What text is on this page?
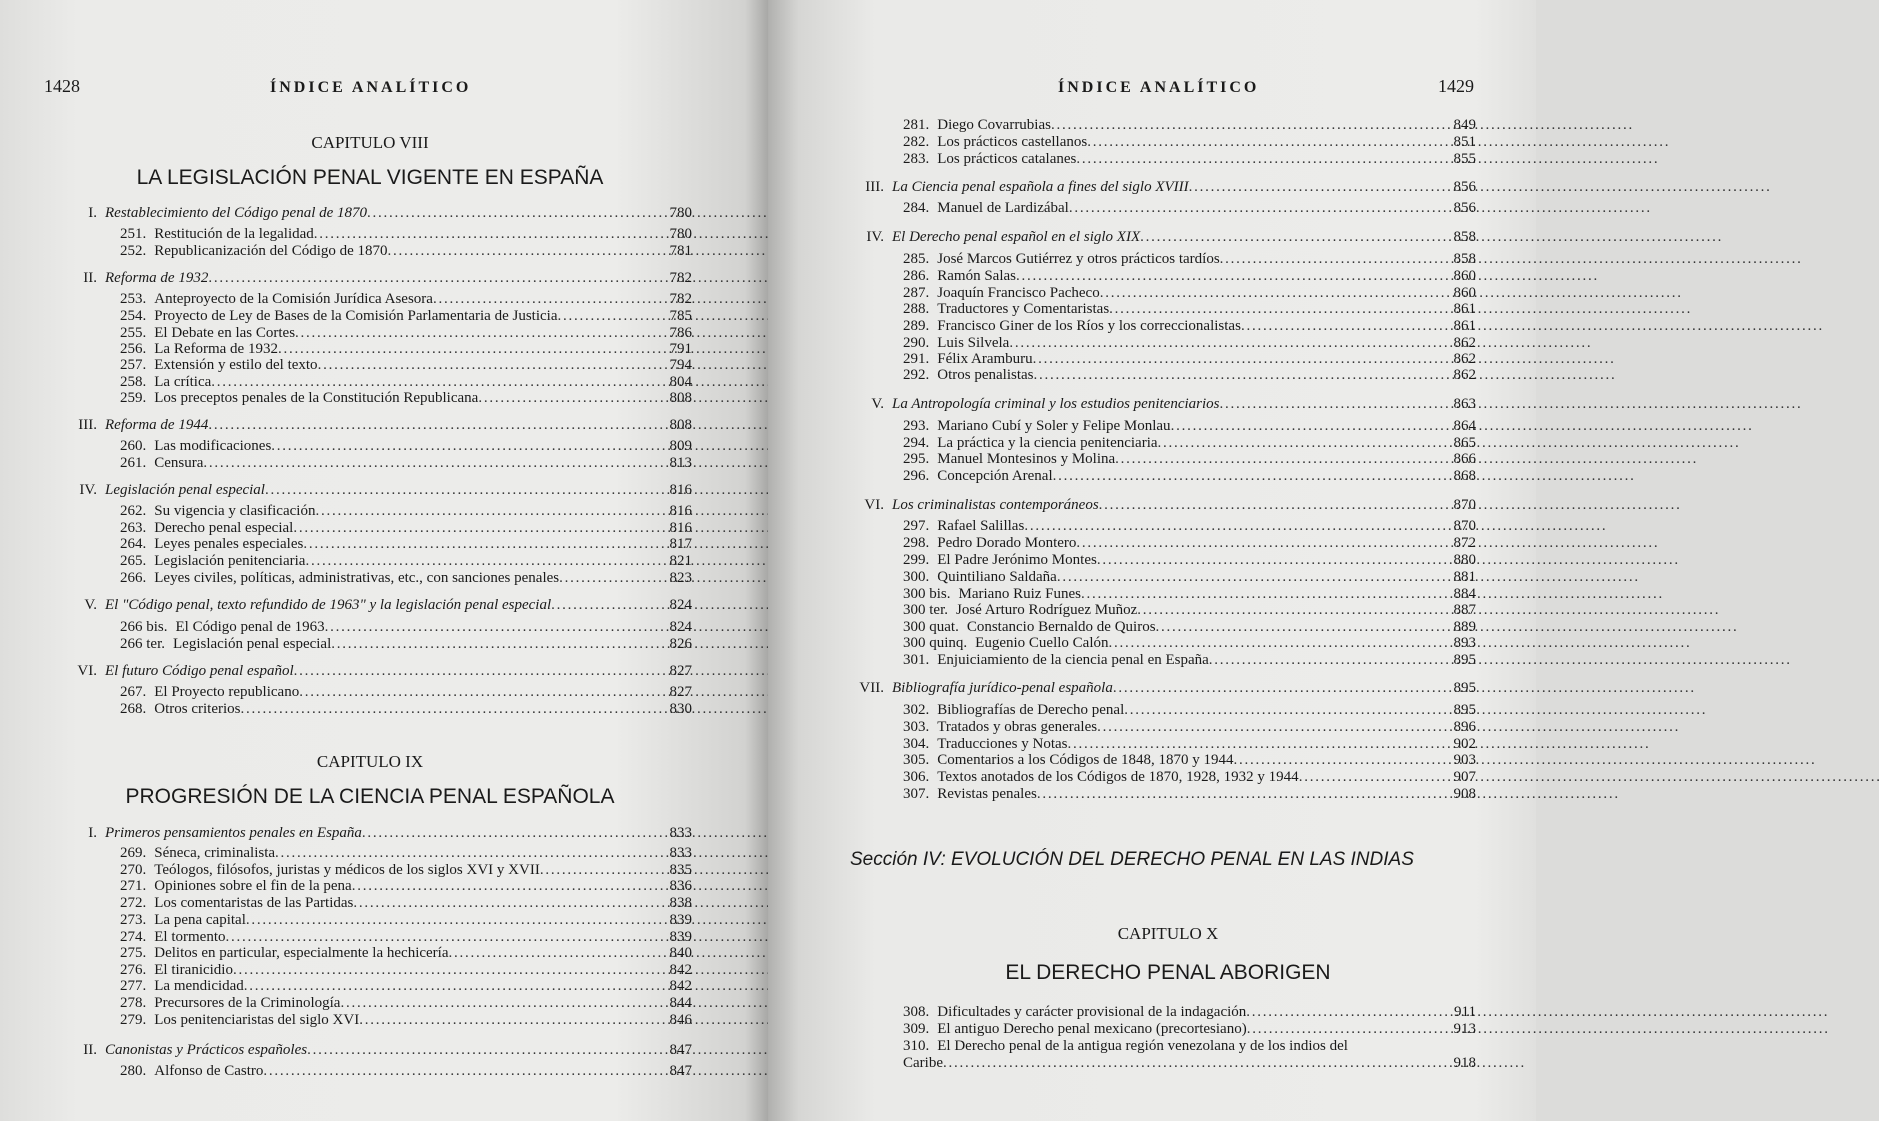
1428	ÍNDICE ANALÍTICO
CAPITULO VIII
LA LEGISLACIÓN PENAL VIGENTE EN ESPAÑA
CAPITULO IX
PROGRESIÓN DE LA CIENCIA PENAL ESPAÑOLA
I. Restablecimiento del Código penal de 1870 . . .	780
251. Restitución de la legalidad . . .	780
252. Republicanización del Código de 1870 . . .	781
II. Reforma de 1932 . . .	782
253. Anteproyecto de la Comisión Jurídica Asesora . . .	782
254. Proyecto de Ley de Bases de la Comisión Parlamentaria de Justicia . . .	785
255. El Debate en las Cortes . . .	786
256. La Reforma de 1932 . . .	791
257. Extensión y estilo del texto . . .	794
258. La crítica . . .	804
259. Los preceptos penales de la Constitución Republicana . . .	808
III. Reforma de 1944 . . .	808
260. Las modificaciones . . .	809
261. Censura . . .	813
IV. Legislación penal especial . . .	816
262. Su vigencia y clasificación . . .	816
263. Derecho penal especial . . .	816
264. Leyes penales especiales . . .	817
265. Legislación penitenciaria . . .	821
266. Leyes civiles, políticas, administrativas, etc., con sanciones penales . . .	823
V. El "Código penal, texto refundido de 1963" y la legislación penal especial . . .	824
266 bis. El Código penal de 1963 . . .	824
266 ter. Legislación penal especial . . .	826
VI. El futuro Código penal español . . .	827
267. El Proyecto republicano . . .	827
268. Otros criterios . . .	830
I. Primeros pensamientos penales en España . . .	833
269. Séneca, criminalista . . .	833
270. Teólogos, filósofos, juristas y médicos de los siglos XVI y XVII . . .	835
271. Opiniones sobre el fin de la pena . . .	836
272. Los comentaristas de las Partidas . . .	838
273. La pena capital . . .	839
274. El tormento . . .	839
275. Delitos en particular, especialmente la hechicería . . .	840
276. El tiranicidio . . .	842
277. La mendicidad . . .	842
278. Precursores de la Criminología . . .	844
279. Los penitenciaristas del siglo XVI . . .	846
II. Canonistas y Prácticos españoles . . .	847
280. Alfonso de Castro . . .	847
ÍNDICE ANALÍTICO	1429
Sección IV: EVOLUCIÓN DEL DERECHO PENAL EN LAS INDIAS
CAPITULO X
EL DERECHO PENAL ABORIGEN
281. Diego Covarrubias . . .	849
282. Los prácticos castellanos . . .	851
283. Los prácticos catalanes . . .	855
III. La Ciencia penal española a fines del siglo XVIII . . .	856
284. Manuel de Lardizábal . . .	856
IV. El Derecho penal español en el siglo XIX . . .	858
285. José Marcos Gutiérrez y otros prácticos tardíos . . .	858
286. Ramón Salas . . .	860
287. Joaquín Francisco Pacheco . . .	860
288. Traductores y Comentaristas . . .	861
289. Francisco Giner de los Ríos y los correccionalistas . . .	861
290. Luis Silvela . . .	862
291. Félix Aramburu . . .	862
292. Otros penalistas . . .	862
V. La Antropología criminal y los estudios penitenciarios . . .	863
293. Mariano Cubí y Soler y Felipe Monlau . . .	864
294. La práctica y la ciencia penitenciaria . . .	865
295. Manuel Montesinos y Molina . . .	866
296. Concepción Arenal . . .	868
VI. Los criminalistas contemporáneos . . .	870
297. Rafael Salillas . . .	870
298. Pedro Dorado Montero . . .	872
299. El Padre Jerónimo Montes . . .	880
300. Quintiliano Saldaña . . .	881
300 bis. Mariano Ruiz Funes . . .	884
300 ter. José Arturo Rodríguez Muñoz . . .	887
300 quat. Constancio Bernaldo de Quiros . . .	889
300 quinq. Eugenio Cuello Calón . . .	893
301. Enjuiciamiento de la ciencia penal en España . . .	895
VII. Bibliografía jurídico-penal española . . .	895
302. Bibliografías de Derecho penal . . .	895
303. Tratados y obras generales . . .	896
304. Traducciones y Notas . . .	902
305. Comentarios a los Códigos de 1848, 1870 y 1944 . . .	903
306. Textos anotados de los Códigos de 1870, 1928, 1932 y 1944 . . .	907
307. Revistas penales . . .	908
308. Dificultades y carácter provisional de la indagación . . .	911
309. El antiguo Derecho penal mexicano (precortesiano) . . .	913
310. El Derecho penal de la antigua región venezolana y de los indios del
Caribe . . .	918
